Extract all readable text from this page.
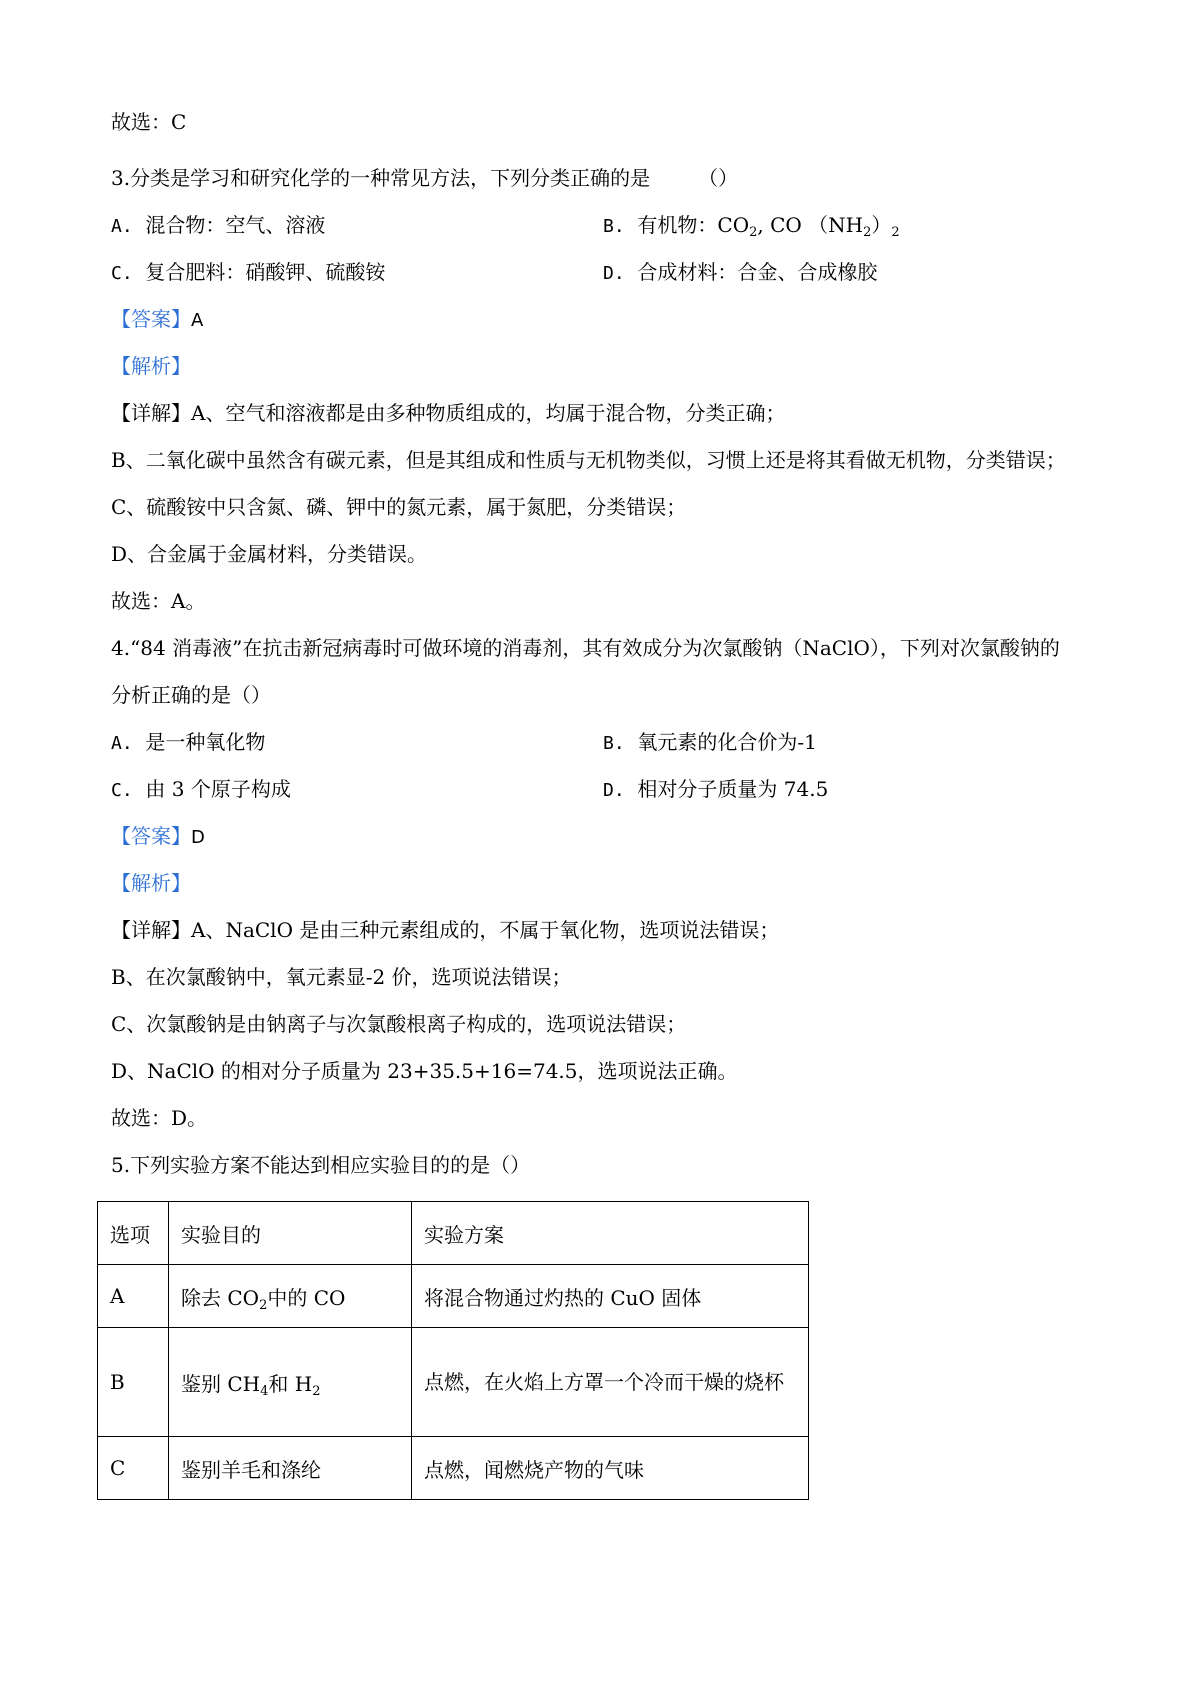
故选：C
3.分类是学习和研究化学的一种常见方法，下列分类正确的是 （）
A. 混合物：空气、溶液	B. 有机物：$CO_2$, CO $(NH_2)_2$
C. 复合肥料：硝酸钾、硫酸铵	D. 合成材料：合金、合成橡胶
【答案】A
【解析】
【详解】A、空气和溶液都是由多种物质组成的，均属于混合物，分类正确；
B、二氧化碳中虽然含有碳元素，但是其组成和性质与无机物类似，习惯上还是将其看做无机物，分类错误；
C、硫酸铵中只含氮、磷、钾中的氮元素，属于氮肥，分类错误；
D、合金属于金属材料，分类错误。
故选：A。
4.“84 消毒液”在抗击新冠病毒时可做环境的消毒剂，其有效成分为次氯酸钠（NaClO），下列对次氯酸钠的
分析正确的是（）
A. 是一种氧化物	B. 氧元素的化合价为-1
C. 由 3 个原子构成	D. 相对分子质量为 74.5
【答案】D
【解析】
【详解】A、NaClO 是由三种元素组成的，不属于氧化物，选项说法错误；
B、在次氯酸钠中，氧元素显-2 价，选项说法错误；
C、次氯酸钠是由钠离子与次氯酸根离子构成的，选项说法错误；
D、NaClO 的相对分子质量为 23+35.5+16=74.5，选项说法正确。
故选：D。
5.下列实验方案不能达到相应实验目的的是（）
选项	实验目的	实验方案
A	除去 $CO_2$中的 CO	将混合物通过灼热的 CuO 固体
B	鉴别 $CH_4$和 $H_2$	点燃，在火焰上方罩一个冷而干燥的烧杯
C	鉴别羊毛和涤纶	点燃，闻燃烧产物的气味
